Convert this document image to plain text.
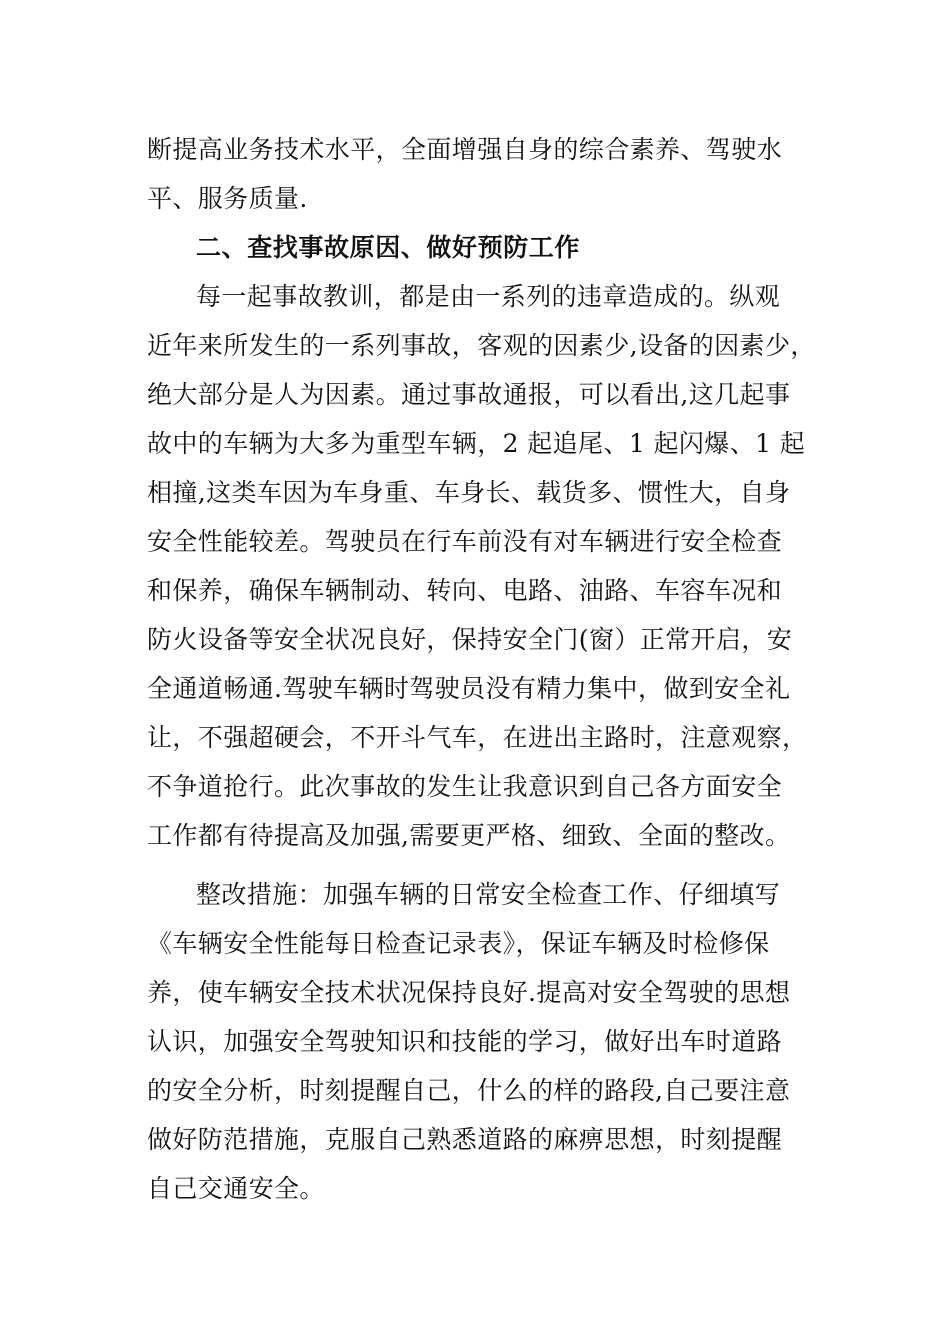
断提高业务技术水平，全面增强自身的综合素养、驾驶水

平、服务质量.

二、查找事故原因、做好预防工作

每一起事故教训，都是由一系列的违章造成的。纵观

近年来所发生的一系列事故，客观的因素少,设备的因素少，

绝大部分是人为因素。通过事故通报，可以看出,这几起事

故中的车辆为大多为重型车辆，2 起追尾、1 起闪爆、1 起

相撞,这类车因为车身重、车身长、载货多、惯性大，自身

安全性能较差。驾驶员在行车前没有对车辆进行安全检查

和保养，确保车辆制动、转向、电路、油路、车容车况和

防火设备等安全状况良好，保持安全门(窗）正常开启，安

全通道畅通.驾驶车辆时驾驶员没有精力集中，做到安全礼

让，不强超硬会，不开斗气车，在进出主路时，注意观察，

不争道抢行。此次事故的发生让我意识到自己各方面安全

工作都有待提高及加强,需要更严格、细致、全面的整改。

整改措施：加强车辆的日常安全检查工作、仔细填写

《车辆安全性能每日检查记录表》，保证车辆及时检修保

养，使车辆安全技术状况保持良好.提高对安全驾驶的思想

认识，加强安全驾驶知识和技能的学习，做好出车时道路

的安全分析，时刻提醒自己，什么的样的路段,自己要注意

做好防范措施，克服自己熟悉道路的麻痹思想，时刻提醒

自己交通安全。
